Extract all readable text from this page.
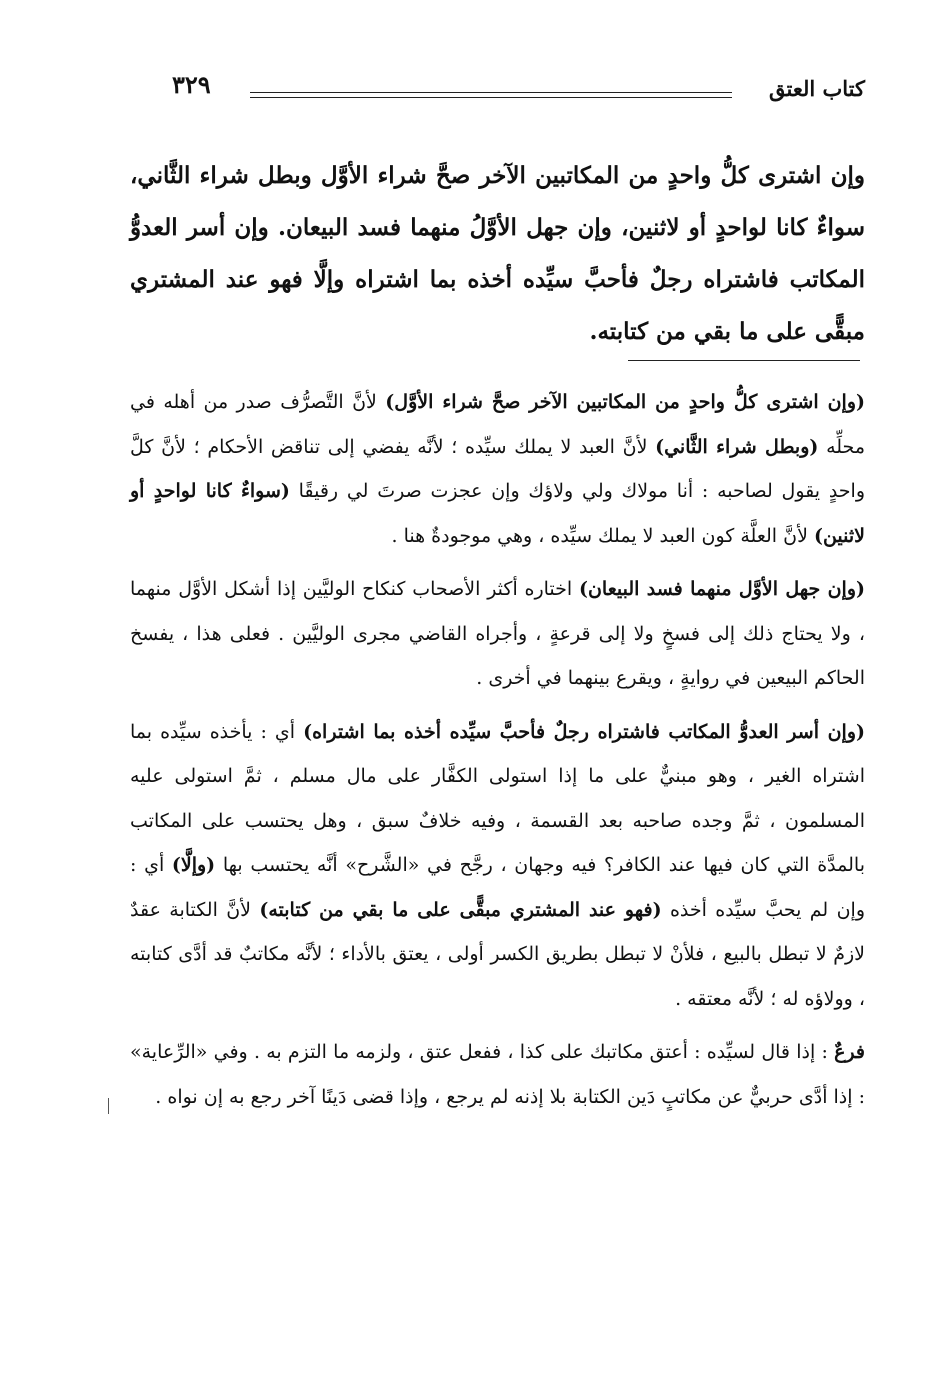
كتاب العتق
٣٢٩
وإن اشترى كلُّ واحدٍ من المكاتبين الآخر صحَّ شراء الأوَّل وبطل شراء الثَّاني، سواءٌ كانا لواحدٍ أو لاثنين، وإن جهل الأوَّلُ منهما فسد البيعان. وإن أسر العدوُّ المكاتب فاشتراه رجلٌ فأحبَّ سيِّده أخذه بما اشتراه وإلَّا فهو عند المشتري مبقًّى على ما بقي من كتابته.

(وإن اشترى كلُّ واحدٍ من المكاتبين الآخر صحَّ شراء الأوَّل) لأنَّ التَّصرُّف صدر من أهله في محلِّه (وبطل شراء الثَّاني) لأنَّ العبد لا يملك سيِّده ؛ لأنَّه يفضي إلى تناقض الأحكام ؛ لأنَّ كلَّ واحدٍ يقول لصاحبه : أنا مولاك ولي ولاؤك وإن عجزت صرتَ لي رقيقًا (سواءٌ كانا لواحدٍ أو لاثنين) لأنَّ العلَّة كون العبد لا يملك سيِّده ، وهي موجودةٌ هنا .

(وإن جهل الأوَّل منهما فسد البيعان) اختاره أكثر الأصحاب كنكاح الوليَّين إذا أشكل الأوَّل منهما ، ولا يحتاج ذلك إلى فسخٍ ولا إلى قرعةٍ ، وأجراه القاضي مجرى الوليَّين . فعلى هذا ، يفسخ الحاكم البيعين في روايةٍ ، ويقرع بينهما في أخرى .

(وإن أسر العدوُّ المكاتب فاشتراه رجلٌ فأحبَّ سيِّده أخذه بما اشتراه) أي : يأخذه سيِّده بما اشتراه الغير ، وهو مبنيٌّ على ما إذا استولى الكفَّار على مال مسلم ، ثمَّ استولى عليه المسلمون ، ثمَّ وجده صاحبه بعد القسمة ، وفيه خلافٌ سبق ، وهل يحتسب على المكاتب بالمدَّة التي كان فيها عند الكافر؟ فيه وجهان ، رجَّح في «الشَّرح» أنَّه يحتسب بها (وإلَّا) أي : وإن لم يحبَّ سيِّده أخذه (فهو عند المشتري مبقًّى على ما بقي من كتابته) لأنَّ الكتابة عقدٌ لازمٌ لا تبطل بالبيع ، فلأنْ لا تبطل بطريق الكسر أولى ، يعتق بالأداء ؛ لأنَّه مكاتبٌ قد أدَّى كتابته ، وولاؤه له ؛ لأنَّه معتقه .

فرعٌ : إذا قال لسيِّده : أعتق مكاتبك على كذا ، ففعل عتق ، ولزمه ما التزم به . وفي «الرِّعاية» : إذا أدَّى حربيٌّ عن مكاتبٍ دَين الكتابة بلا إذنه لم يرجع ، وإذا قضى دَينًا آخر رجع به إن نواه .
